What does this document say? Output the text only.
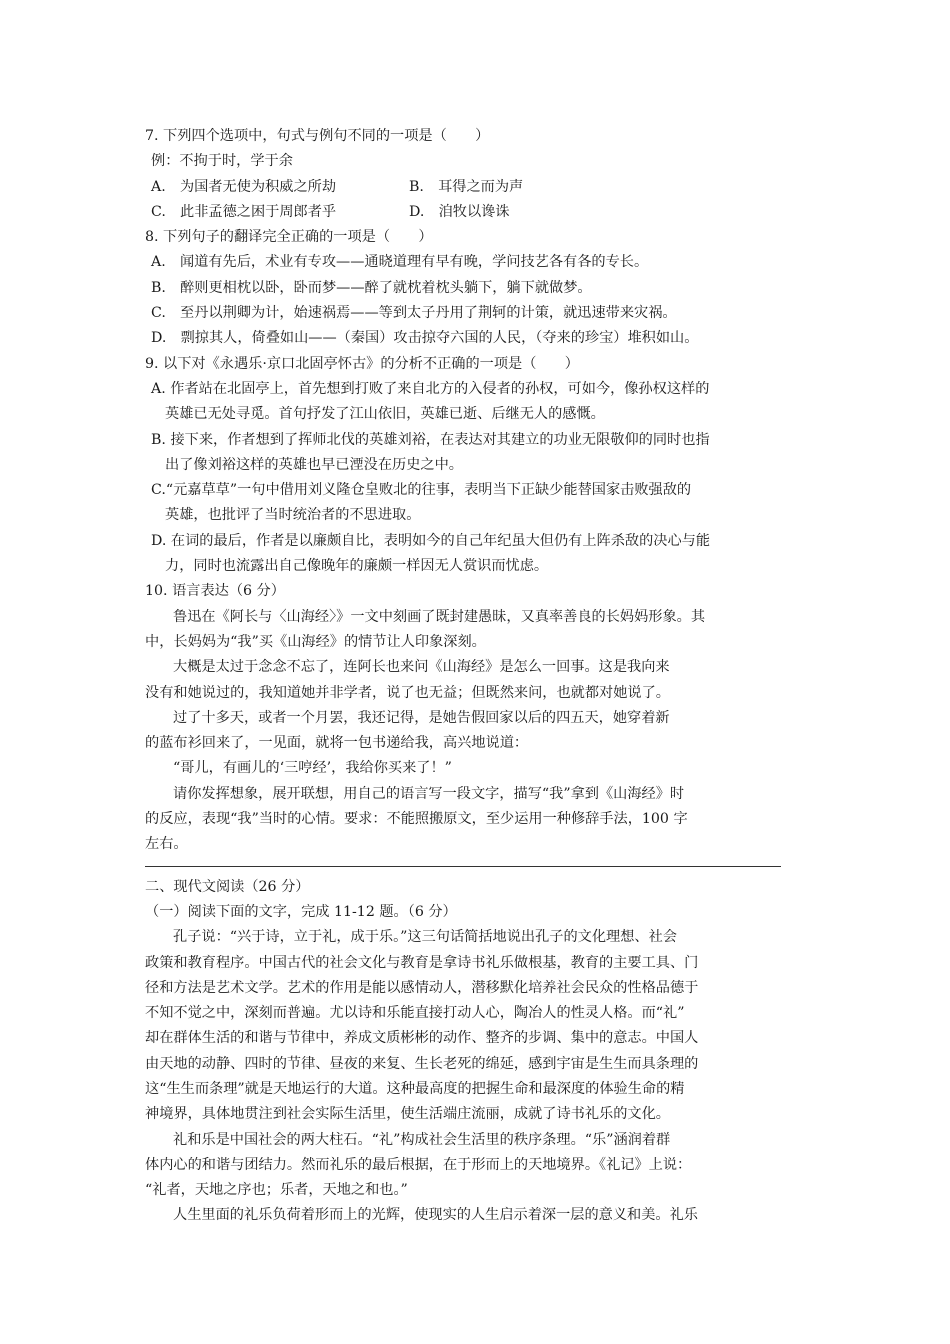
7. 下列四个选项中，句式与例句不同的一项是（　　）
例：不拘于时，学于余
A.　为国者无使为积威之所劫	B.　耳得之而为声
C.　此非孟德之困于周郎者乎	D.　洎牧以谗诛
8. 下列句子的翻译完全正确的一项是（　　）
A.　闻道有先后，术业有专攻——通晓道理有早有晚，学问技艺各有各的专长。
B.　醉则更相枕以卧，卧而梦——醉了就枕着枕头躺下，躺下就做梦。
C.　至丹以荆卿为计，始速祸焉——等到太子丹用了荆轲的计策，就迅速带来灾祸。
D.　剽掠其人，倚叠如山——（秦国）攻击掠夺六国的人民，（夺来的珍宝）堆积如山。
9. 以下对《永遇乐·京口北固亭怀古》的分析不正确的一项是（　　）
A. 作者站在北固亭上，首先想到打败了来自北方的入侵者的孙权，可如今，像孙权这样的
英雄已无处寻觅。首句抒发了江山依旧，英雄已逝、后继无人的感慨。
B. 接下来，作者想到了挥师北伐的英雄刘裕，在表达对其建立的功业无限敬仰的同时也指
出了像刘裕这样的英雄也早已湮没在历史之中。
C.“元嘉草草”一句中借用刘义隆仓皇败北的往事，表明当下正缺少能替国家击败强敌的
英雄，也批评了当时统治者的不思进取。
D. 在词的最后，作者是以廉颇自比，表明如今的自己年纪虽大但仍有上阵杀敌的决心与能
力，同时也流露出自己像晚年的廉颇一样因无人赏识而忧虑。
10. 语言表达（6 分）
鲁迅在《阿长与〈山海经〉》一文中刻画了既封建愚昧，又真率善良的长妈妈形象。其
中，长妈妈为“我”买《山海经》的情节让人印象深刻。
大概是太过于念念不忘了，连阿长也来问《山海经》是怎么一回事。这是我向来
没有和她说过的，我知道她并非学者，说了也无益；但既然来问，也就都对她说了。
过了十多天，或者一个月罢，我还记得，是她告假回家以后的四五天，她穿着新
的蓝布衫回来了，一见面，就将一包书递给我，高兴地说道：
“哥儿，有画儿的‘三哼经’，我给你买来了！”
请你发挥想象，展开联想，用自己的语言写一段文字，描写“我”拿到《山海经》时
的反应，表现“我”当时的心情。要求：不能照搬原文，至少运用一种修辞手法，100 字
左右。
二、现代文阅读（26 分）
（一）阅读下面的文字，完成 11-12 题。（6 分）
孔子说：“兴于诗，立于礼，成于乐。”这三句话简括地说出孔子的文化理想、社会
政策和教育程序。中国古代的社会文化与教育是拿诗书礼乐做根基，教育的主要工具、门
径和方法是艺术文学。艺术的作用是能以感情动人，潜移默化培养社会民众的性格品德于
不知不觉之中，深刻而普遍。尤以诗和乐能直接打动人心，陶冶人的性灵人格。而“礼”
却在群体生活的和谐与节律中，养成文质彬彬的动作、整齐的步调、集中的意志。中国人
由天地的动静、四时的节律、昼夜的来复、生长老死的绵延，感到宇宙是生生而具条理的
这“生生而条理”就是天地运行的大道。这种最高度的把握生命和最深度的体验生命的精
神境界，具体地贯注到社会实际生活里，使生活端庄流丽，成就了诗书礼乐的文化。
礼和乐是中国社会的两大柱石。“礼”构成社会生活里的秩序条理。“乐”涵润着群
体内心的和谐与团结力。然而礼乐的最后根据，在于形而上的天地境界。《礼记》上说：
“礼者，天地之序也；乐者，天地之和也。”
人生里面的礼乐负荷着形而上的光辉，使现实的人生启示着深一层的意义和美。礼乐
